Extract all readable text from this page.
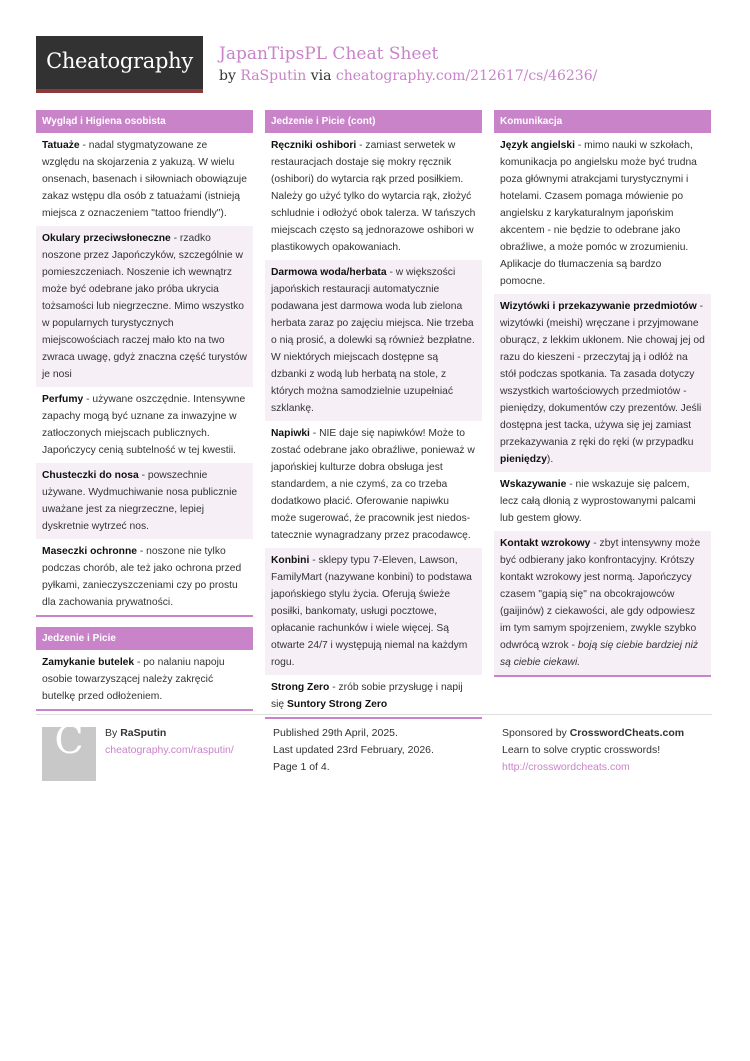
Cheatography	JapanTipsPL Cheat Sheet
by RaSputin via cheatography.com/212617/cs/46236/
Wygląd i Higiena osobista
Tatuaże - nadal stygmatyzowane ze względu na skojarzenia z yakuzą. W wielu onsenach, basenach i siłowniach obowiązuje zakaz wstępu dla osób z tatuażami (istnieją miejsca z oznaczeniem "tattoo friendly").
Okulary przeciwsłoneczne - rzadko noszone przez Japończyków, szczególnie w pomieszczeniach. Noszenie ich wewnątrz może być odebrane jako próba ukrycia tożsamości lub niegrzeczne. Mimo wszystko w popularnych turystycznych miejscowościach raczej mało kto na two zwraca uwagę, gdyż znaczna część turystów je nosi
Perfumy - używane oszczędnie. Intensywne zapachy mogą być uznane za inwazyjne w zatłoczonych miejscach publicznych. Japończycy cenią subtelność w tej kwestii.
Chusteczki do nosa - powszechnie używane. Wydmuchiwanie nosa publicznie uważane jest za niegrzeczne, lepiej dyskretnie wytrzeć nos.
Maseczki ochronne - noszone nie tylko podczas chorób, ale też jako ochrona przed pyłkami, zanieczyszczeniami czy po prostu dla zachowania prywatności.
Jedzenie i Picie
Zamykanie butelek - po nalaniu napoju osobie towarzyszącej należy zakręcić butelkę przed odłożeniem.
Jedzenie i Picie (cont)
Ręczniki oshibori - zamiast serwetek w restauracjach dostaje się mokry ręcznik (oshibori) do wytarcia rąk przed posiłkiem. Należy go użyć tylko do wytarcia rąk, złożyć schludnie i odłożyć obok talerza. W tańszych miejscach często są jednorazowe oshibori w plastikowych opakowaniach.
Darmowa woda/herbata - w większości japońskich restauracji automatycznie podawana jest darmowa woda lub zielona herbata zaraz po zajęciu miejsca. Nie trzeba o nią prosić, a dolewki są również bezpłatne. W niektórych miejscach dostępne są dzbanki z wodą lub herbatą na stole, z których można samodzielnie uzupełniać szklankę.
Napiwki - NIE daje się napiwków! Może to zostać odebrane jako obraźliwe, ponieważ w japońskiej kulturze dobra obsługa jest standardem, a nie czymś, za co trzeba dodatkowo płacić. Oferowanie napiwku może sugerować, że pracownik jest niedostatecznie wynagradzany przez pracodawcę.
Konbini - sklepy typu 7-Eleven, Lawson, FamilyMart (nazywane konbini) to podstawa japońskiego stylu życia. Oferują świeże posiłki, bankomaty, usługi pocztowe, opłacanie rachunków i wiele więcej. Są otwarte 24/7 i występują niemal na każdym rogu.
Strong Zero - zrób sobie przysługę i napij się Suntory Strong Zero
Komunikacja
Język angielski - mimo nauki w szkołach, komunikacja po angielsku może być trudna poza głównymi atrakcjami turystycznymi i hotelami. Czasem pomaga mówienie po angielsku z karykaturalnym japońskim akcentem - nie będzie to odebrane jako obraźliwe, a może pomóc w zrozumieniu. Aplikacje do tłumaczenia są bardzo pomocne.
Wizytówki i przekazywanie przedmiotów - wizytówki (meishi) wręczane i przyjmowane oburącz, z lekkim ukłonem. Nie chowaj jej od razu do kieszeni - przeczytaj ją i odłóż na stół podczas spotkania. Ta zasada dotyczy wszystkich wartościowych przedmiotów - pieniędzy, dokumentów czy prezentów. Jeśli dostępna jest tacka, używa się jej zamiast przekazywania z ręki do ręki (w przypadku pieniędzy).
Wskazywanie - nie wskazuje się palcem, lecz całą dłonią z wyprostowanymi palcami lub gestem głowy.
Kontakt wzrokowy - zbyt intensywny może być odbierany jako konfrontacyjny. Krótszy kontakt wzrokowy jest normą. Japończycy czasem "gapią się" na obcokrajowców (gaijinów) z ciekawości, ale gdy odpowiesz im tym samym spojrzeniem, zwykle szybko odwrócą wzrok - boją się ciebie bardziej niż są ciebie ciekawi.
C	By RaSputin
cheatography.com/rasputin/
Published 29th April, 2025.
Last updated 23rd February, 2026.
Page 1 of 4.
Sponsored by CrosswordCheats.com
Learn to solve cryptic crosswords!
http://crosswordcheats.com
